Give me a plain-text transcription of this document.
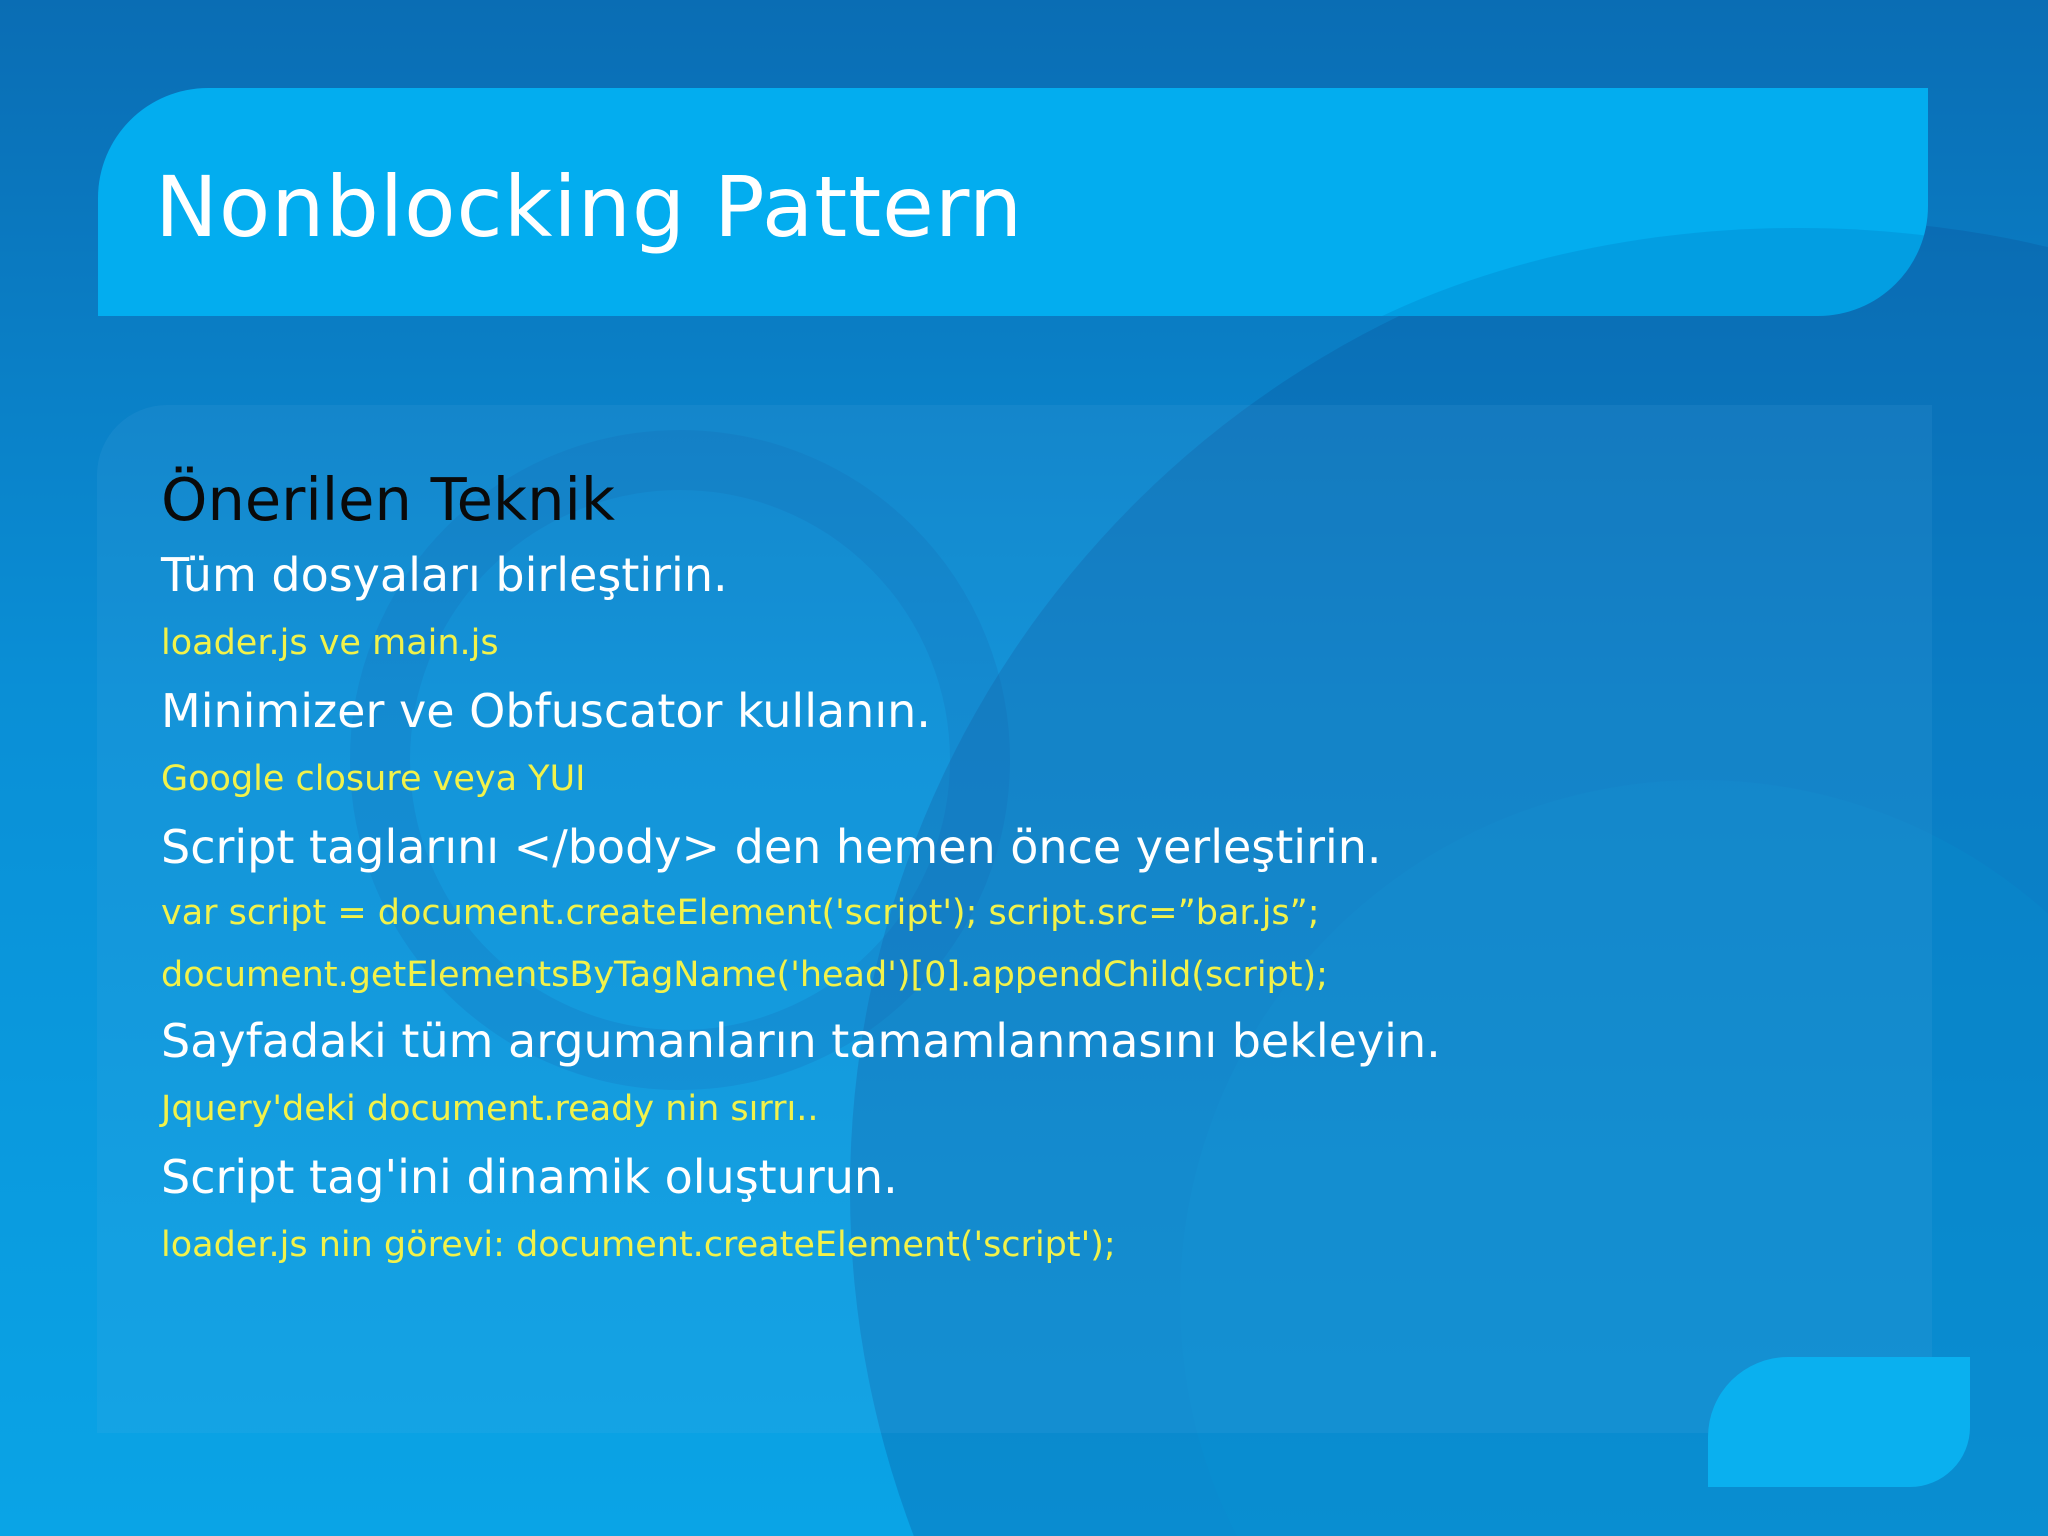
Nonblocking Pattern
Önerilen Teknik
Tüm dosyaları birleştirin.
loader.js ve main.js
Minimizer ve Obfuscator kullanın.
Google closure veya YUI
Script taglarını </body> den hemen önce yerleştirin.
var script = document.createElement('script'); script.src=”bar.js”;
document.getElementsByTagName('head')[0].appendChild(script);
Sayfadaki tüm argumanların tamamlanmasını bekleyin.
Jquery'deki document.ready nin sırrı..
Script tag'ini dinamik oluşturun.
loader.js nin görevi: document.createElement('script');
